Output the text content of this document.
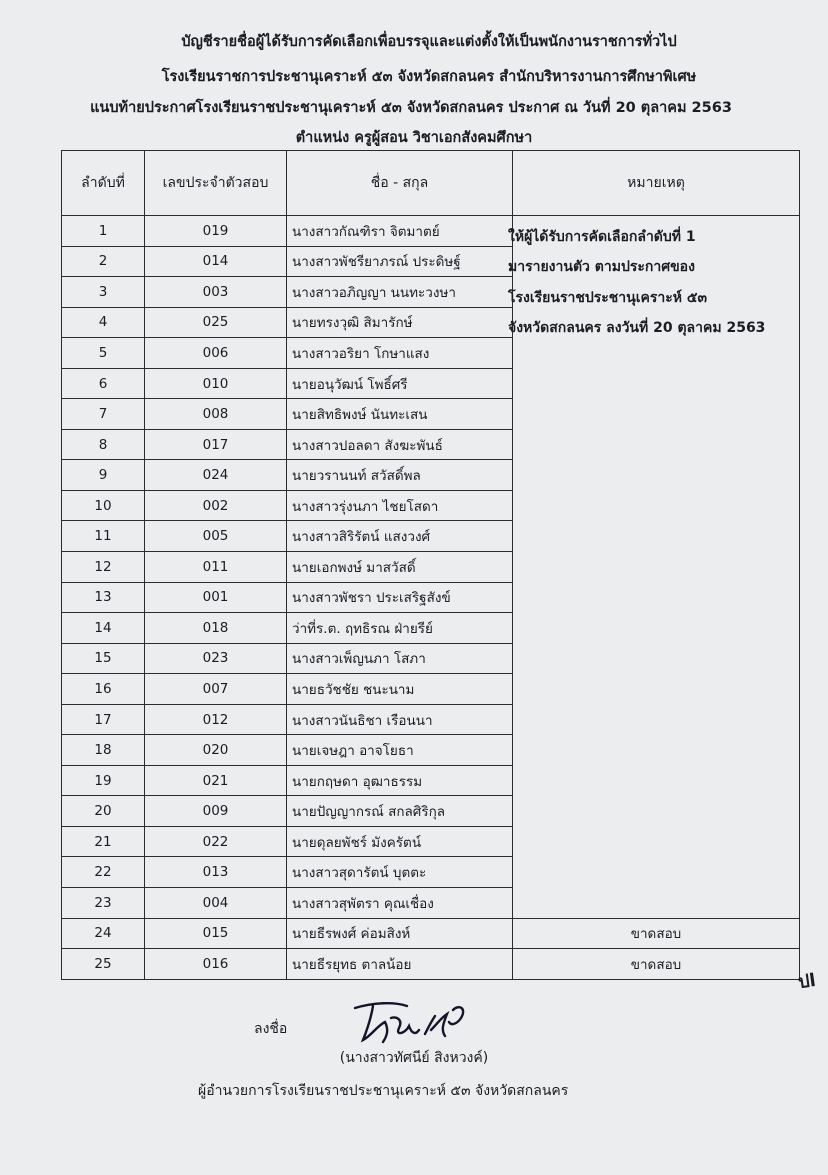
บัญชีรายชื่อผู้ได้รับการคัดเลือกเพื่อบรรจุและแต่งตั้งให้เป็นพนักงานราชการทั่วไป
โรงเรียนราชการประชานุเคราะห์ ๕๓ จังหวัดสกลนคร สำนักบริหารงานการศึกษาพิเศษ
แนบท้ายประกาศโรงเรียนราชประชานุเคราะห์ ๕๓ จังหวัดสกลนคร ประกาศ ณ วันที่ 20 ตุลาคม 2563
ตำแหน่ง ครูผู้สอน วิชาเอกสังคมศึกษา
ลำดับที่	เลขประจำตัวสอบ	ชื่อ - สกุล	หมายเหตุ
1	019	นางสาวกัณฑิรา จิตมาตย์	ให้ผู้ได้รับการคัดเลือกลำดับที่ 1
มารายงานตัว ตามประกาศของ
โรงเรียนราชประชานุเคราะห์ ๕๓
จังหวัดสกลนคร ลงวันที่ 20 ตุลาคม 2563

2	014	นางสาวพัชรียาภรณ์ ประดิษฐ์	
3	003	นางสาวอภิญญา นนทะวงษา	
4	025	นายทรงวุฒิ สิมารักษ์	
5	006	นางสาวอริยา โกษาแสง	
6	010	นายอนุวัฒน์ โพธิ์ศรี	
7	008	นายสิทธิพงษ์ นันทะเสน	
8	017	นางสาวปอลดา สังฆะพันธ์	
9	024	นายวรานนท์ สวัสดิ์พล	
10	002	นางสาวรุ่งนภา ไชยโสดา	
11	005	นางสาวสิริรัตน์ แสงวงศ์	
12	011	นายเอกพงษ์ มาสวัสดิ์	
13	001	นางสาวพัชรา ประเสริฐสังข์	
14	018	ว่าที่ร.ต. ฤทธิรณ ฝ่ายรีย์	
15	023	นางสาวเพ็ญนภา โสภา	
16	007	นายธวัชชัย ชนะนาม	
17	012	นางสาวนันธิชา เรือนนา	
18	020	นายเจษฎา อาจโยธา	
19	021	นายกฤษดา อุฒาธรรม	
20	009	นายปัญญากรณ์ สกลศิริกุล	
21	022	นายดุลยพัชร์ มังครัตน์	
22	013	นางสาวสุดารัตน์ บุตตะ	
23	004	นางสาวสุพัตรา คุณเชื่อง	
24	015	นายธีรพงศ์ ค่อมสิงห์	ขาดสอบ
25	016	นายธีรยุทธ ตาลน้อย	ขาดสอบ
ปl
ลงชื่อ
(นางสาวทัศนีย์ สิงหวงค์)
ผู้อำนวยการโรงเรียนราชประชานุเคราะห์ ๕๓ จังหวัดสกลนคร
